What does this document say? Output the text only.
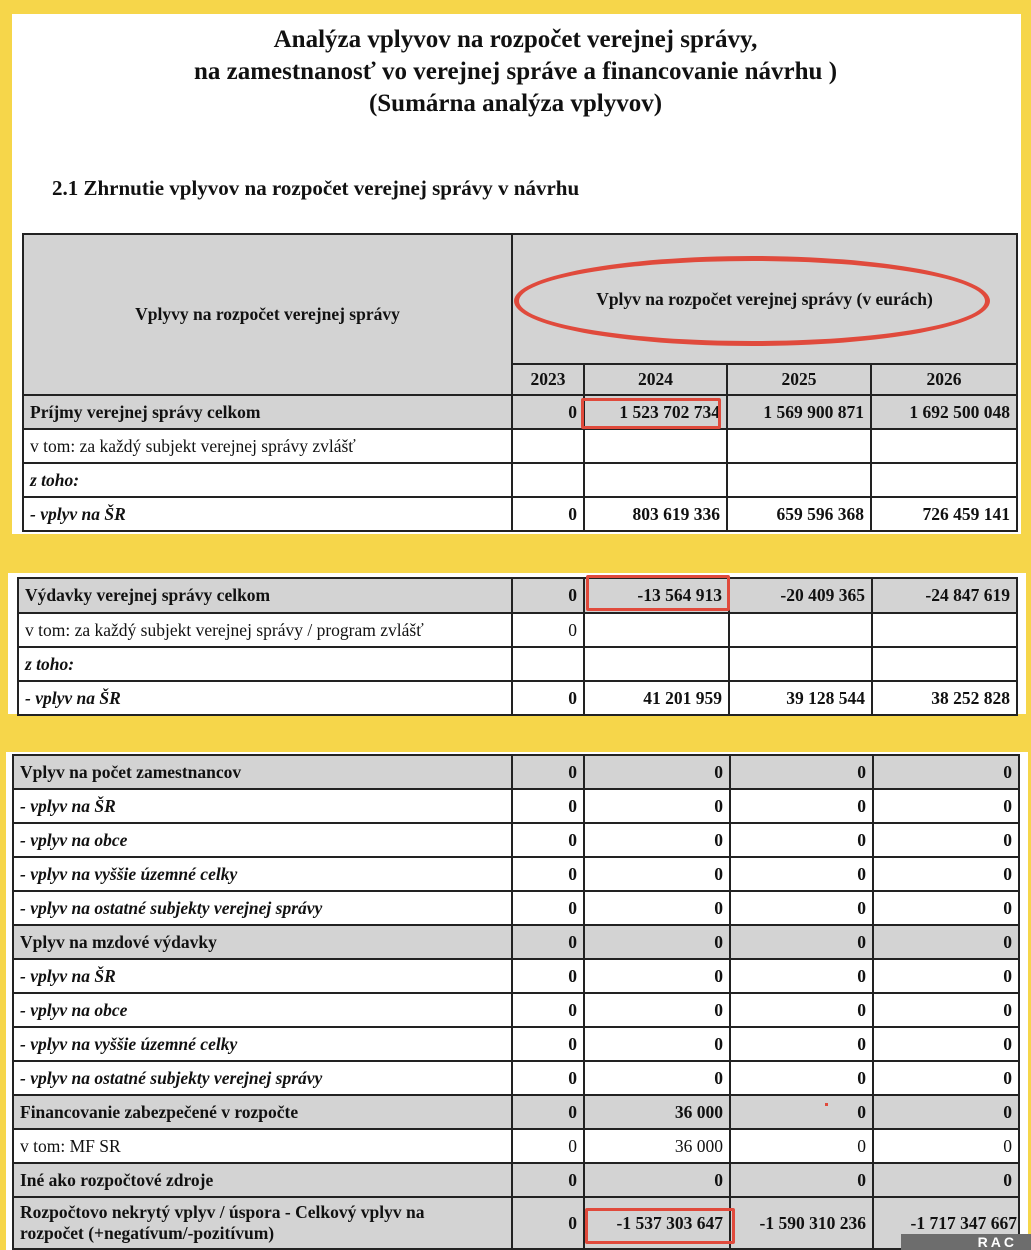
Analýza vplyvov na rozpočet verejnej správy,
na zamestnanosť vo verejnej správe a financovanie návrhu )
(Sumárna analýza vplyvov)
2.1 Zhrnutie vplyvov na rozpočet verejnej správy v návrhu
Vplyvy na rozpočet verejnej správy	Vplyv na rozpočet verejnej správy (v eurách)			
	2023	2024	2025	2026
Príjmy verejnej správy celkom	0	1 523 702 734	1 569 900 871	1 692 500 048
v tom: za každý subjekt verejnej správy zvlášť				
z toho:				
- vplyv na ŠR	0	803 619 336	659 596 368	726 459 141
Výdavky verejnej správy celkom	0	-13 564 913	-20 409 365	-24 847 619
v tom: za každý subjekt verejnej správy / program zvlášť	0			
z toho:				
- vplyv na ŠR	0	41 201 959	39 128 544	38 252 828
Vplyv na počet zamestnancov	0	0	0	0
- vplyv na ŠR	0	0	0	0
- vplyv na obce	0	0	0	0
- vplyv na vyššie územné celky	0	0	0	0
- vplyv na ostatné subjekty verejnej správy	0	0	0	0
Vplyv na mzdové výdavky	0	0	0	0
- vplyv na ŠR	0	0	0	0
- vplyv na obce	0	0	0	0
- vplyv na vyššie územné celky	0	0	0	0
- vplyv na ostatné subjekty verejnej správy	0	0	0	0
Financovanie zabezpečené v rozpočte	0	36 000	0	0
v tom: MF SR	0	36 000	0	0
Iné ako rozpočtové zdroje	0	0	0	0
Rozpočtovo nekrytý vplyv / úspora - Celkový vplyv na
rozpočet (+negatívum/-pozitívum)	0	-1 537 303 647	-1 590 310 236	-1 717 347 667
RAC
